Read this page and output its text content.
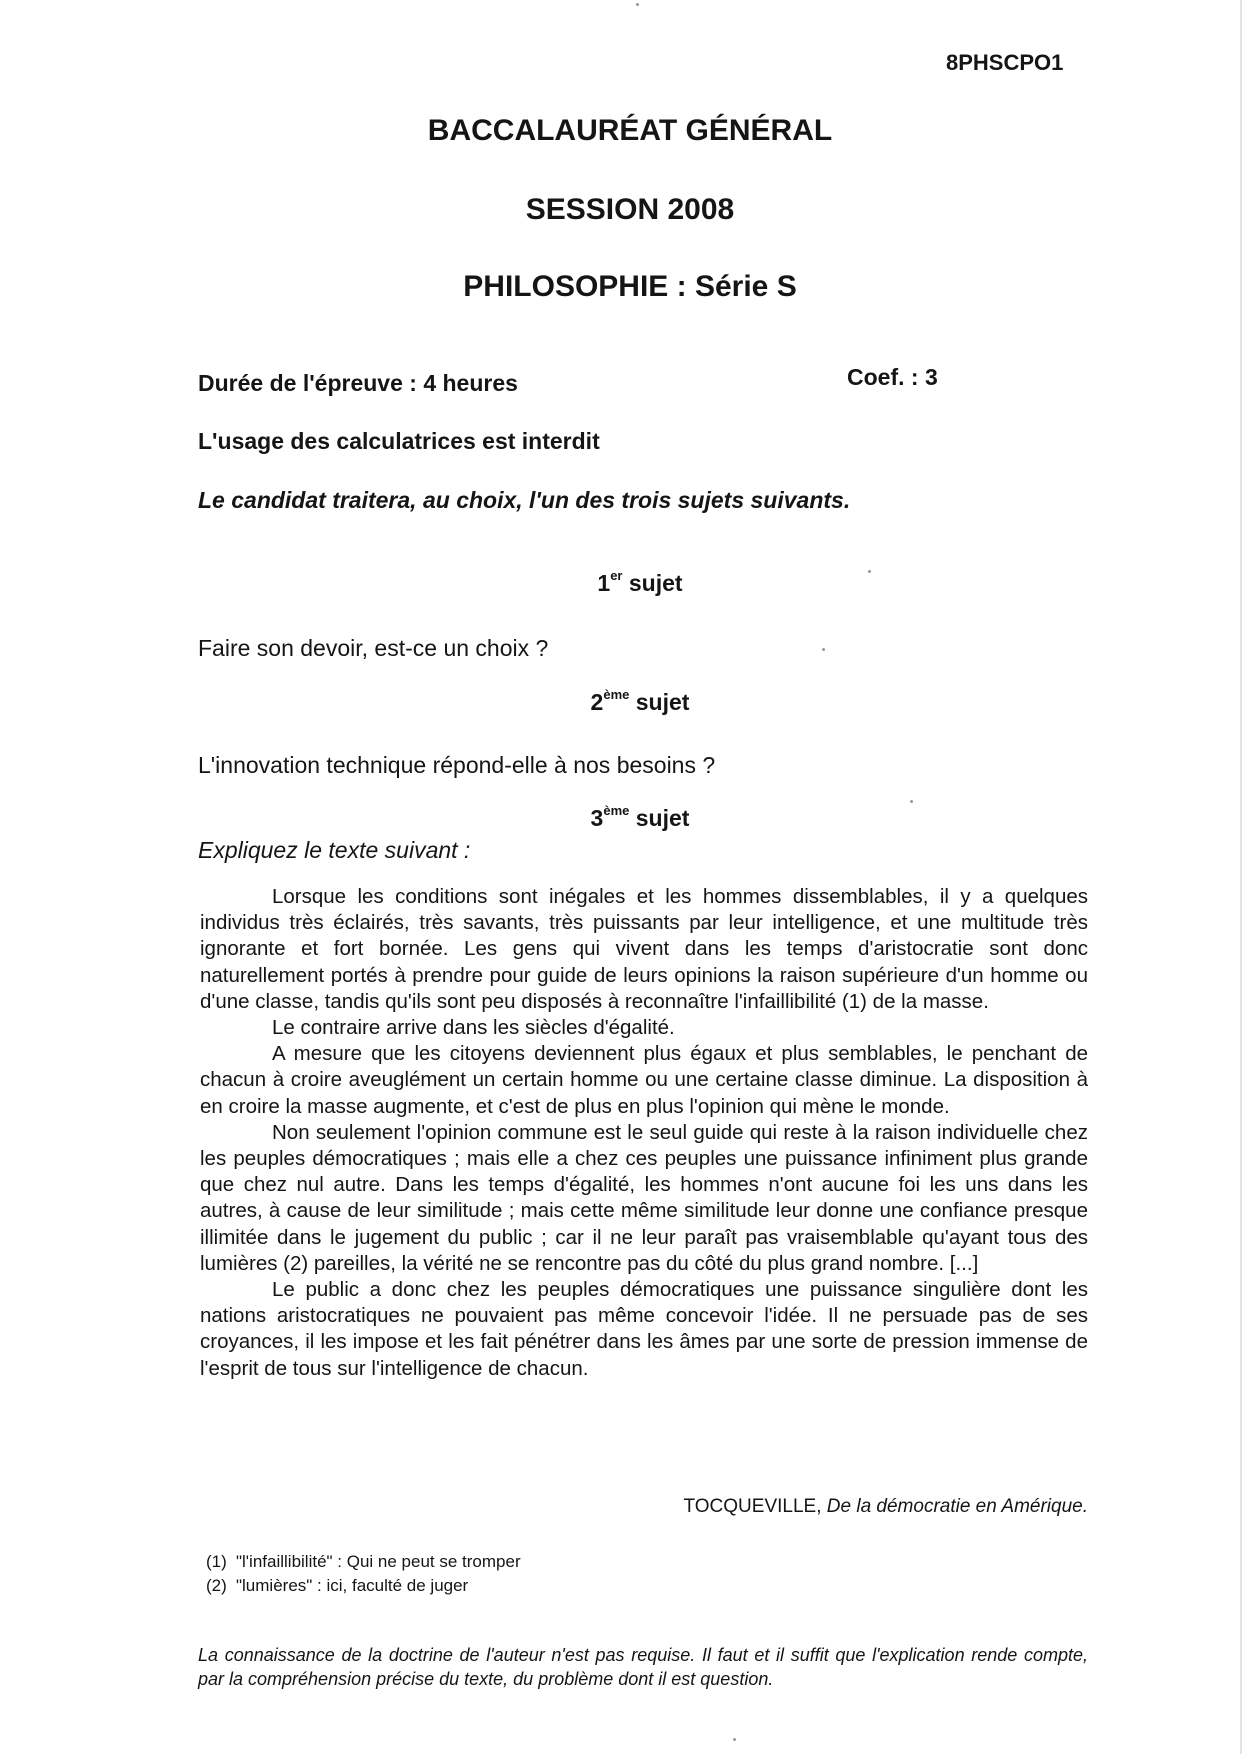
8PHSCPO1
BACCALAURÉAT GÉNÉRAL
SESSION 2008
PHILOSOPHIE : Série S
Durée de l'épreuve : 4 heures	Coef. : 3
L'usage des calculatrices est interdit
Le candidat traitera, au choix, l'un des trois sujets suivants.
1er sujet
Faire son devoir, est-ce un choix ?
2ème sujet
L'innovation technique répond-elle à nos besoins ?
3ème sujet
Expliquez le texte suivant :

Lorsque les conditions sont inégales et les hommes dissemblables, il y a quelques individus très éclairés, très savants, très puissants par leur intelligence, et une multitude très ignorante et fort bornée. Les gens qui vivent dans les temps d'aristocratie sont donc naturellement portés à prendre pour guide de leurs opinions la raison supérieure d'un homme ou d'une classe, tandis qu'ils sont peu disposés à reconnaître l'infaillibilité (1) de la masse.

Le contraire arrive dans les siècles d'égalité.

A mesure que les citoyens deviennent plus égaux et plus semblables, le penchant de chacun à croire aveuglément un certain homme ou une certaine classe diminue. La disposition à en croire la masse augmente, et c'est de plus en plus l'opinion qui mène le monde.

Non seulement l'opinion commune est le seul guide qui reste à la raison individuelle chez les peuples démocratiques ; mais elle a chez ces peuples une puissance infiniment plus grande que chez nul autre. Dans les temps d'égalité, les hommes n'ont aucune foi les uns dans les autres, à cause de leur similitude ; mais cette même similitude leur donne une confiance presque illimitée dans le jugement du public ; car il ne leur paraît pas vraisemblable qu'ayant tous des lumières (2) pareilles, la vérité ne se rencontre pas du côté du plus grand nombre. [...]

Le public a donc chez les peuples démocratiques une puissance singulière dont les nations aristocratiques ne pouvaient pas même concevoir l'idée. Il ne persuade pas de ses croyances, il les impose et les fait pénétrer dans les âmes par une sorte de pression immense de l'esprit de tous sur l'intelligence de chacun.

TOCQUEVILLE, De la démocratie en Amérique.
(1) "l'infaillibilité" : Qui ne peut se tromper
(2) "lumières" : ici, faculté de juger
La connaissance de la doctrine de l'auteur n'est pas requise. Il faut et il suffit que l'explication rende compte, par la compréhension précise du texte, du problème dont il est question.
